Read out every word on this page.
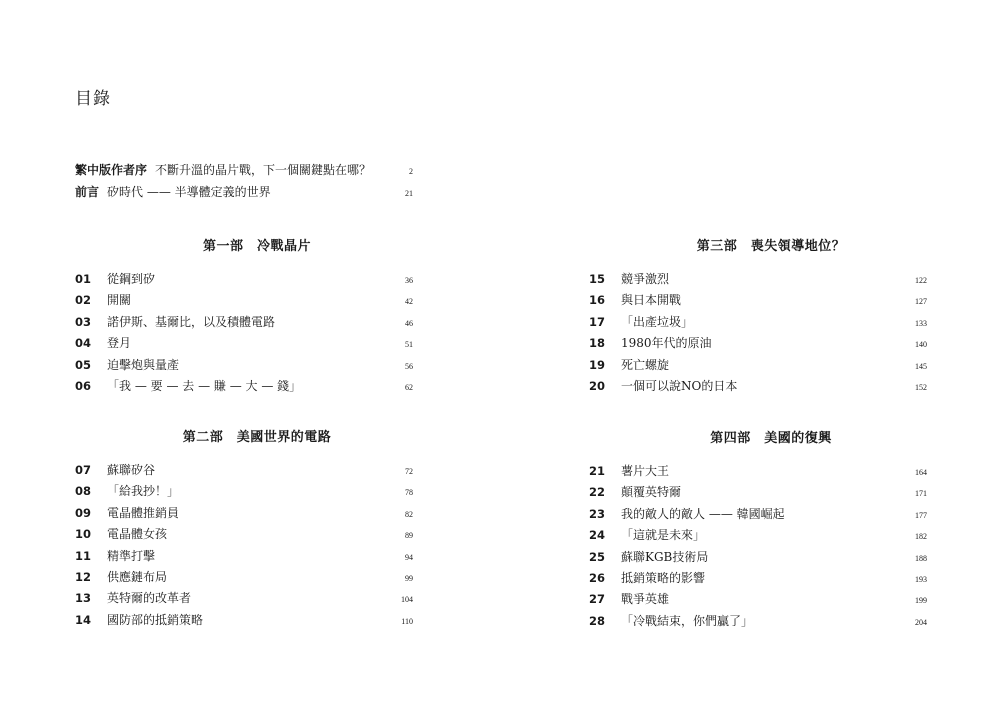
目錄
繁中版作者序 不斷升溫的晶片戰，下一個關鍵點在哪？	2
前言 矽時代 —— 半導體定義的世界	21
第一部　冷戰晶片
01	從鋼到矽	36
02	開關	42
03	諾伊斯、基爾比，以及積體電路	46
04	登月	51
05	迫擊炮與量產	56
06	「我 — 要 — 去 — 賺 — 大 — 錢」	62
第二部　美國世界的電路
07	蘇聯矽谷	72
08	「給我抄！」	78
09	電晶體推銷員	82
10	電晶體女孩	89
11	精準打擊	94
12	供應鏈布局	99
13	英特爾的改革者	104
14	國防部的抵銷策略	110
第三部　喪失領導地位？
15	競爭激烈	122
16	與日本開戰	127
17	「出產垃圾」	133
18	1980年代的原油	140
19	死亡螺旋	145
20	一個可以說NO的日本	152
第四部　美國的復興
21	薯片大王	164
22	顛覆英特爾	171
23	我的敵人的敵人 —— 韓國崛起	177
24	「這就是未來」	182
25	蘇聯KGB技術局	188
26	抵銷策略的影響	193
27	戰爭英雄	199
28	「冷戰結束，你們贏了」	204
